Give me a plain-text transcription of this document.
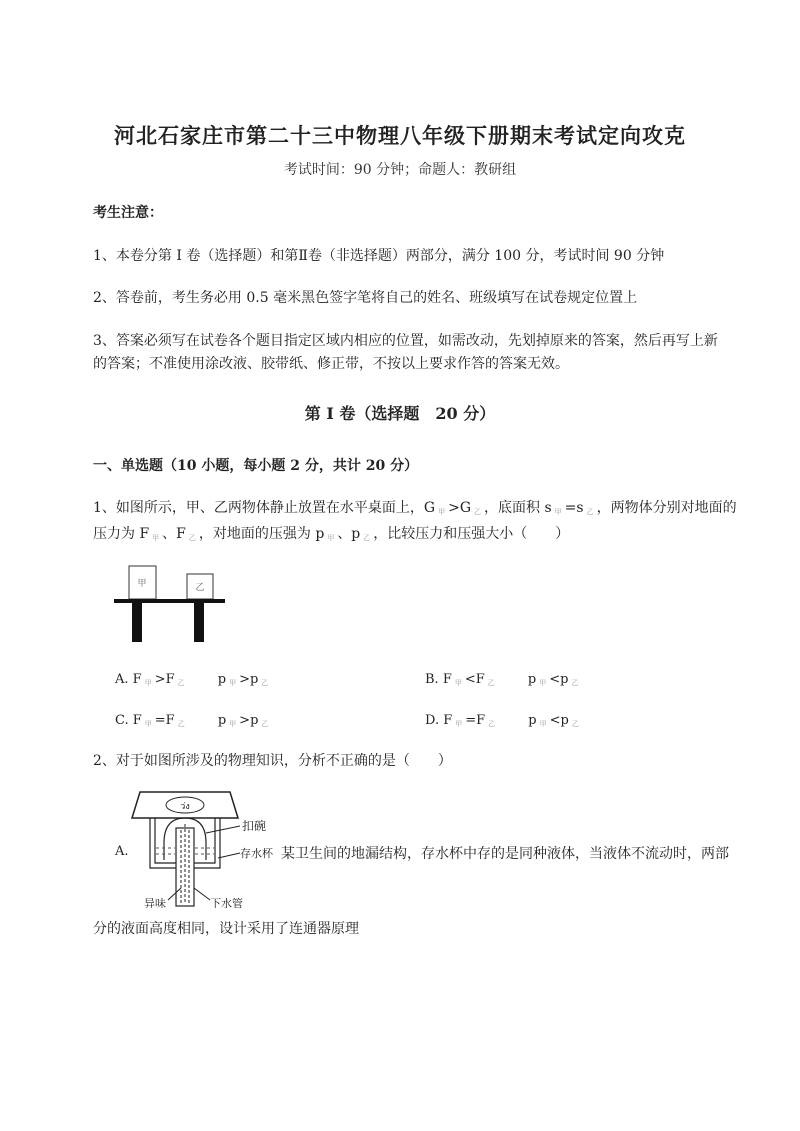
河北石家庄市第二十三中物理八年级下册期末考试定向攻克
考试时间：90 分钟；命题人：教研组
考生注意：
1、本卷分第 I 卷（选择题）和第Ⅱ卷（非选择题）两部分，满分 100 分，考试时间 90 分钟
2、答卷前，考生务必用 0.5 毫米黑色签字笔将自己的姓名、班级填写在试卷规定位置上
3、答案必须写在试卷各个题目指定区域内相应的位置，如需改动，先划掉原来的答案，然后再写上新
的答案；不准使用涂改液、胶带纸、修正带，不按以上要求作答的答案无效。
第 I 卷（选择题　20 分）
一、单选题（10 小题，每小题 2 分，共计 20 分）
1、如图所示，甲、乙两物体静止放置在水平桌面上，G $_甲$ >G $_乙$ ，底面积 s $_甲$ =s $_乙$ ，两物体分别对地面的
压力为 F $_甲$ 、F $_乙$ ，对地面的压强为 p $_甲$ 、p $_乙$ ，比较压力和压强大小（　　）
甲	乙
A. F $_甲$ >F $_乙$　　 p $_甲$ >p $_乙$	B. F $_甲$ <F $_乙$　　 p $_甲$ <p $_乙$
C. F $_甲$ =F $_乙$　　 p $_甲$ >p $_乙$	D. F $_甲$ =F $_乙$　　 p $_甲$ <p $_乙$
2、对于如图所涉及的物理知识，分析不正确的是（　　）
A.
ว่ง
扣碗
存水杯
异味	下水管
某卫生间的地漏结构，存水杯中存的是同种液体，当液体不流动时，两部
分的液面高度相同，设计采用了连通器原理
